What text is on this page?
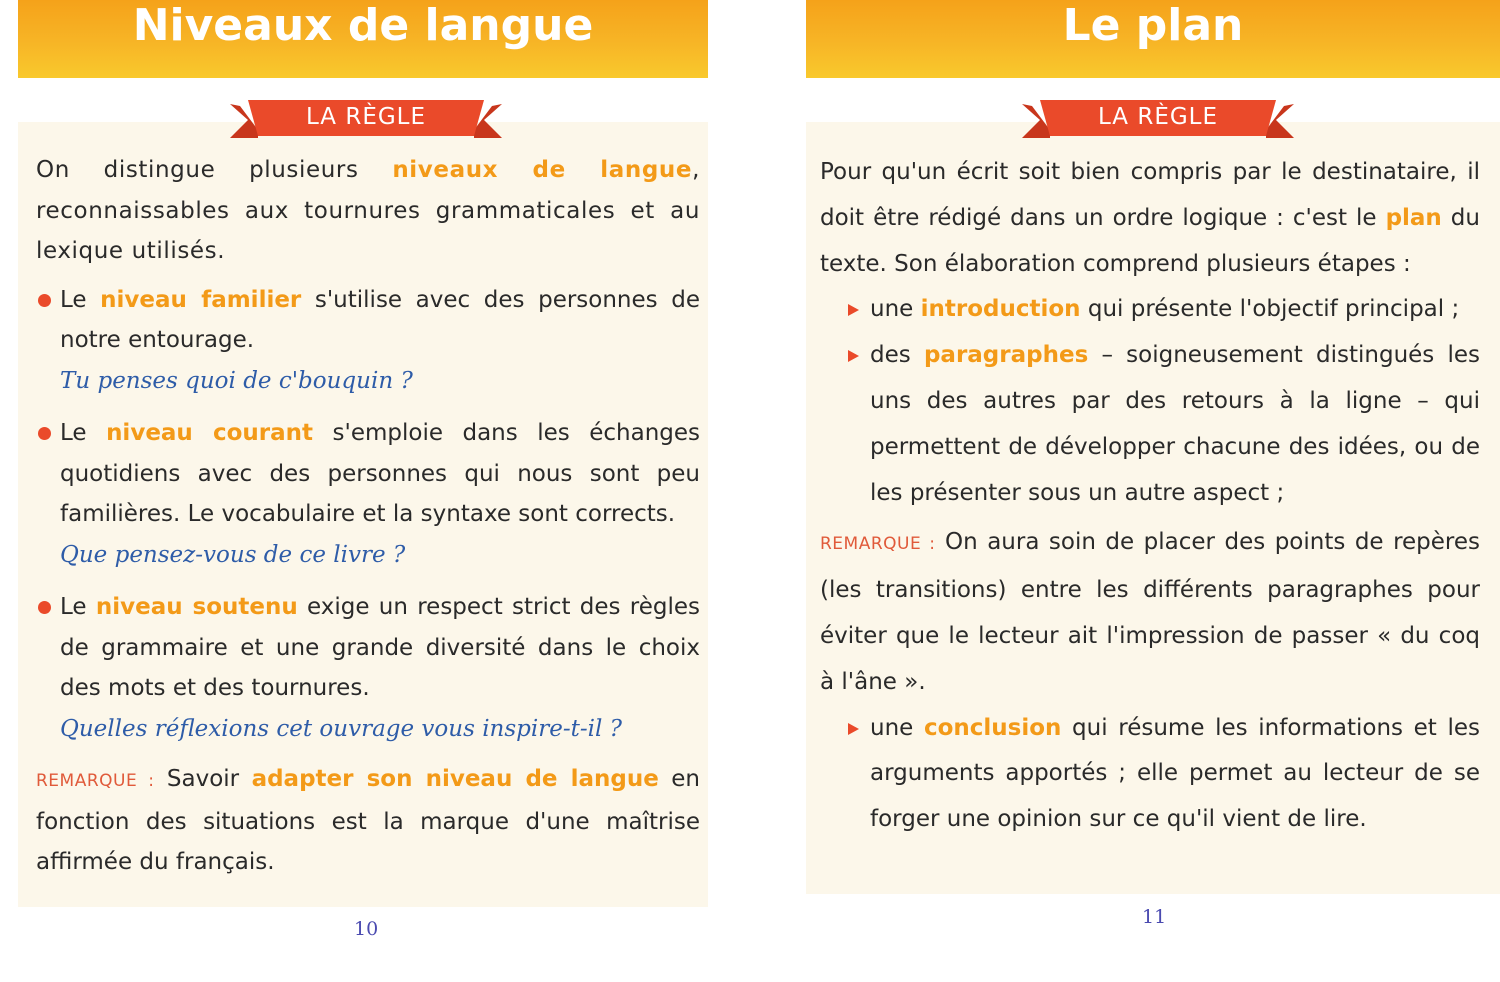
Niveaux de langue
LA RÈGLE

On distingue plusieurs niveaux de langue, reconnaissables aux tournures grammaticales et au lexique utilisés.

Le niveau familier s'utilise avec des personnes de notre entourage.
Tu penses quoi de c'bouquin ?
Le niveau courant s'emploie dans les échanges quotidiens avec des personnes qui nous sont peu familières. Le vocabulaire et la syntaxe sont corrects.
Que pensez-vous de ce livre ?
Le niveau soutenu exige un respect strict des règles de grammaire et une grande diversité dans le choix des mots et des tournures.
Quelles réflexions cet ouvrage vous inspire-t-il ?

REMARQUE : Savoir adapter son niveau de langue en fonction des situations est la marque d'une maîtrise affirmée du français.

10
Le plan
LA RÈGLE

Pour qu'un écrit soit bien compris par le destinataire, il doit être rédigé dans un ordre logique : c'est le plan du texte. Son élaboration comprend plusieurs étapes :

une introduction qui présente l'objectif principal ;
des paragraphes – soigneusement distingués les uns des autres par des retours à la ligne – qui permettent de développer chacune des idées, ou de les présenter sous un autre aspect ;

REMARQUE : On aura soin de placer des points de repères (les transitions) entre les différents paragraphes pour éviter que le lecteur ait l'impression de passer « du coq à l'âne ».

une conclusion qui résume les informations et les arguments apportés ; elle permet au lecteur de se forger une opinion sur ce qu'il vient de lire.
11
